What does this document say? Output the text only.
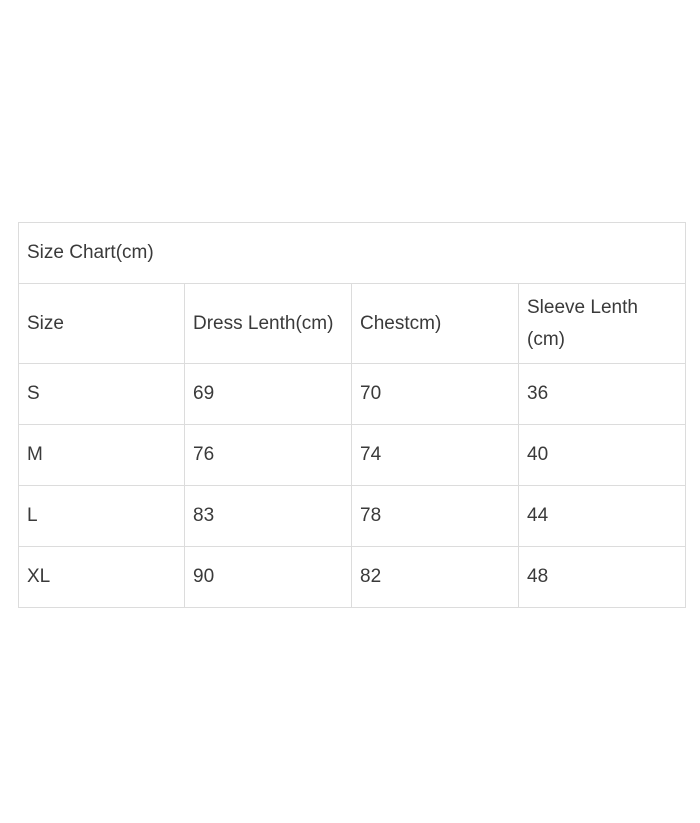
Size Chart(cm)			
Size	Dress Lenth(cm)	Chestcm)	Sleeve Lenth (cm)
S	69	70	36
M	76	74	40
L	83	78	44
XL	90	82	48
